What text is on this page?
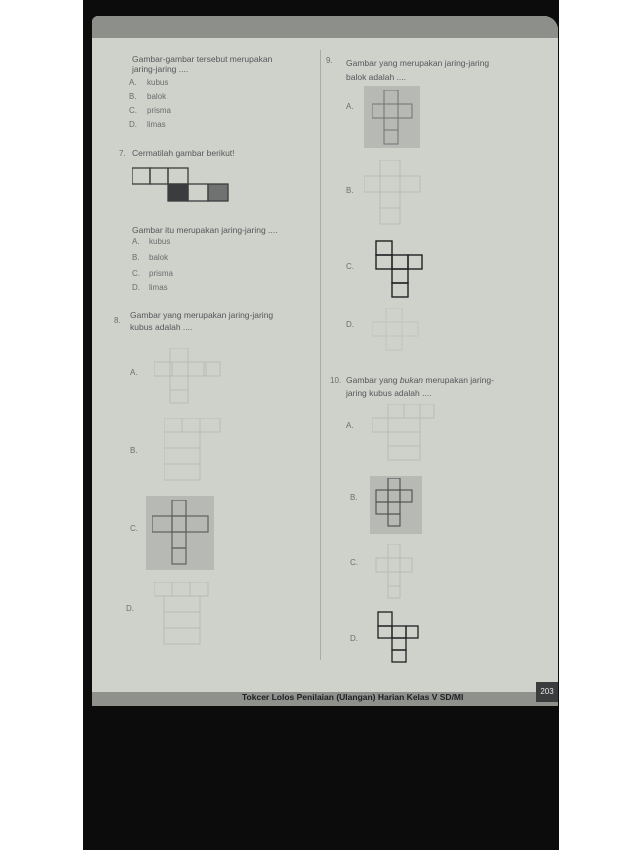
Gambar-gambar tersebut merupakan
jaring-jaring ....
A. kubus
B. balok
C. prisma
D. limas
7. Cermatilah gambar berikut!
Gambar itu merupakan jaring-jaring ....
A. kubus
B. balok
C. prisma
D. limas
8.
Gambar yang merupakan jaring-jaring
kubus adalah ....
A.
B.
C.
D.
9. Gambar yang merupakan jaring-jaring
balok adalah ....
A.
B.
C.
D.
10. Gambar yang bukan merupakan jaring-
jaring kubus adalah ....
A.
B.
C.
D.
Tokcer Lolos Penilaian (Ulangan) Harian Kelas V SD/MI
203
